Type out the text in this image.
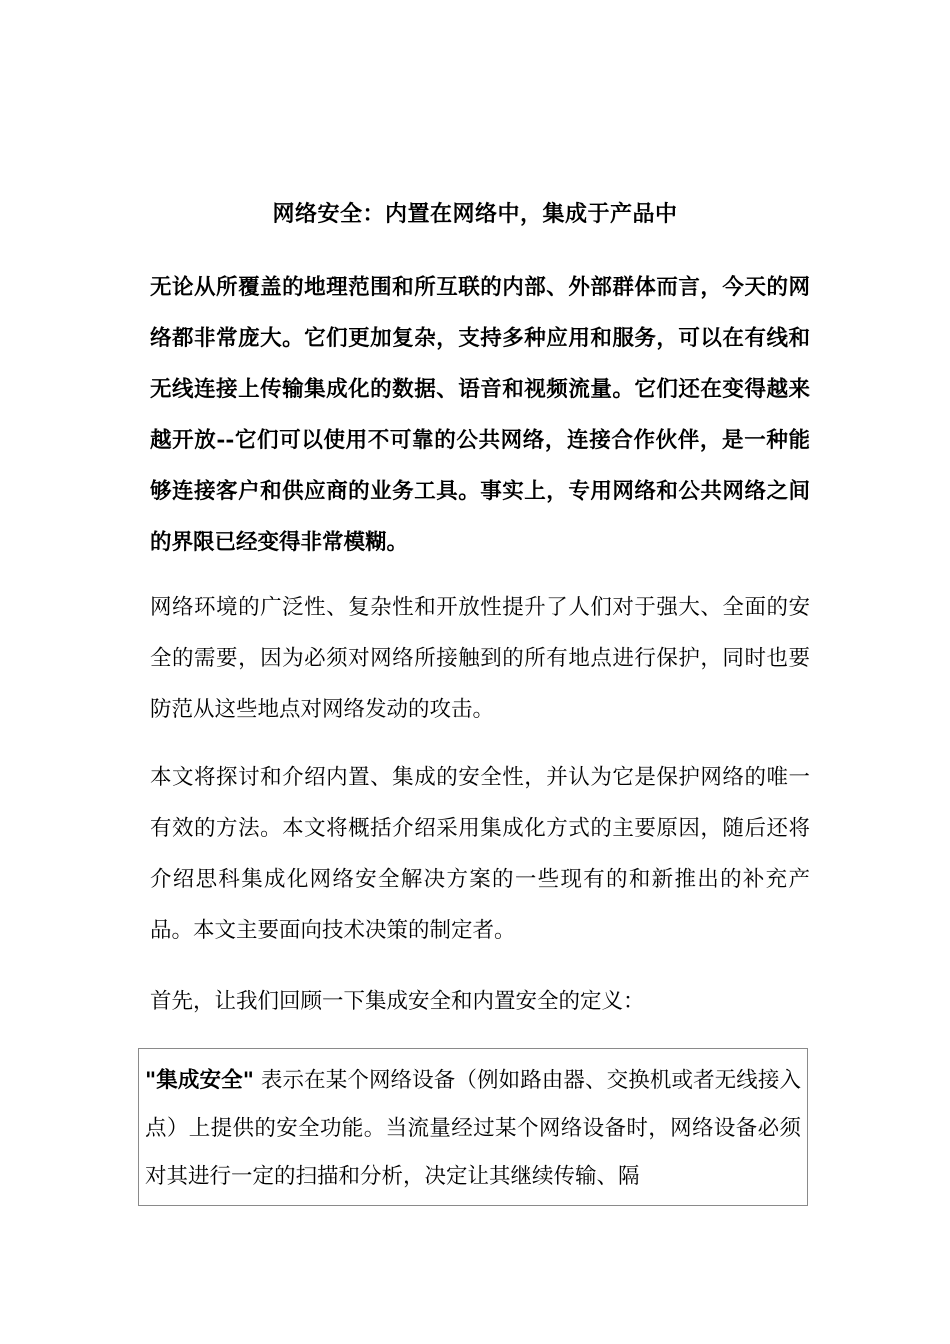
网络安全：内置在网络中，集成于产品中

无论从所覆盖的地理范围和所互联的内部、外部群体而言，今天的网络都非常庞大。它们更加复杂，支持多种应用和服务，可以在有线和无线连接上传输集成化的数据、语音和视频流量。它们还在变得越来越开放--它们可以使用不可靠的公共网络，连接合作伙伴，是一种能够连接客户和供应商的业务工具。事实上，专用网络和公共网络之间的界限已经变得非常模糊。

网络环境的广泛性、复杂性和开放性提升了人们对于强大、全面的安全的需要，因为必须对网络所接触到的所有地点进行保护，同时也要防范从这些地点对网络发动的攻击。

本文将探讨和介绍内置、集成的安全性，并认为它是保护网络的唯一有效的方法。本文将概括介绍采用集成化方式的主要原因，随后还将介绍思科集成化网络安全解决方案的一些现有的和新推出的补充产品。本文主要面向技术决策的制定者。

首先，让我们回顾一下集成安全和内置安全的定义：

"集成安全" 表示在某个网络设备（例如路由器、交换机或者无线接入点）上提供的安全功能。当流量经过某个网络设备时，网络设备必须对其进行一定的扫描和分析，决定让其继续传输、隔
